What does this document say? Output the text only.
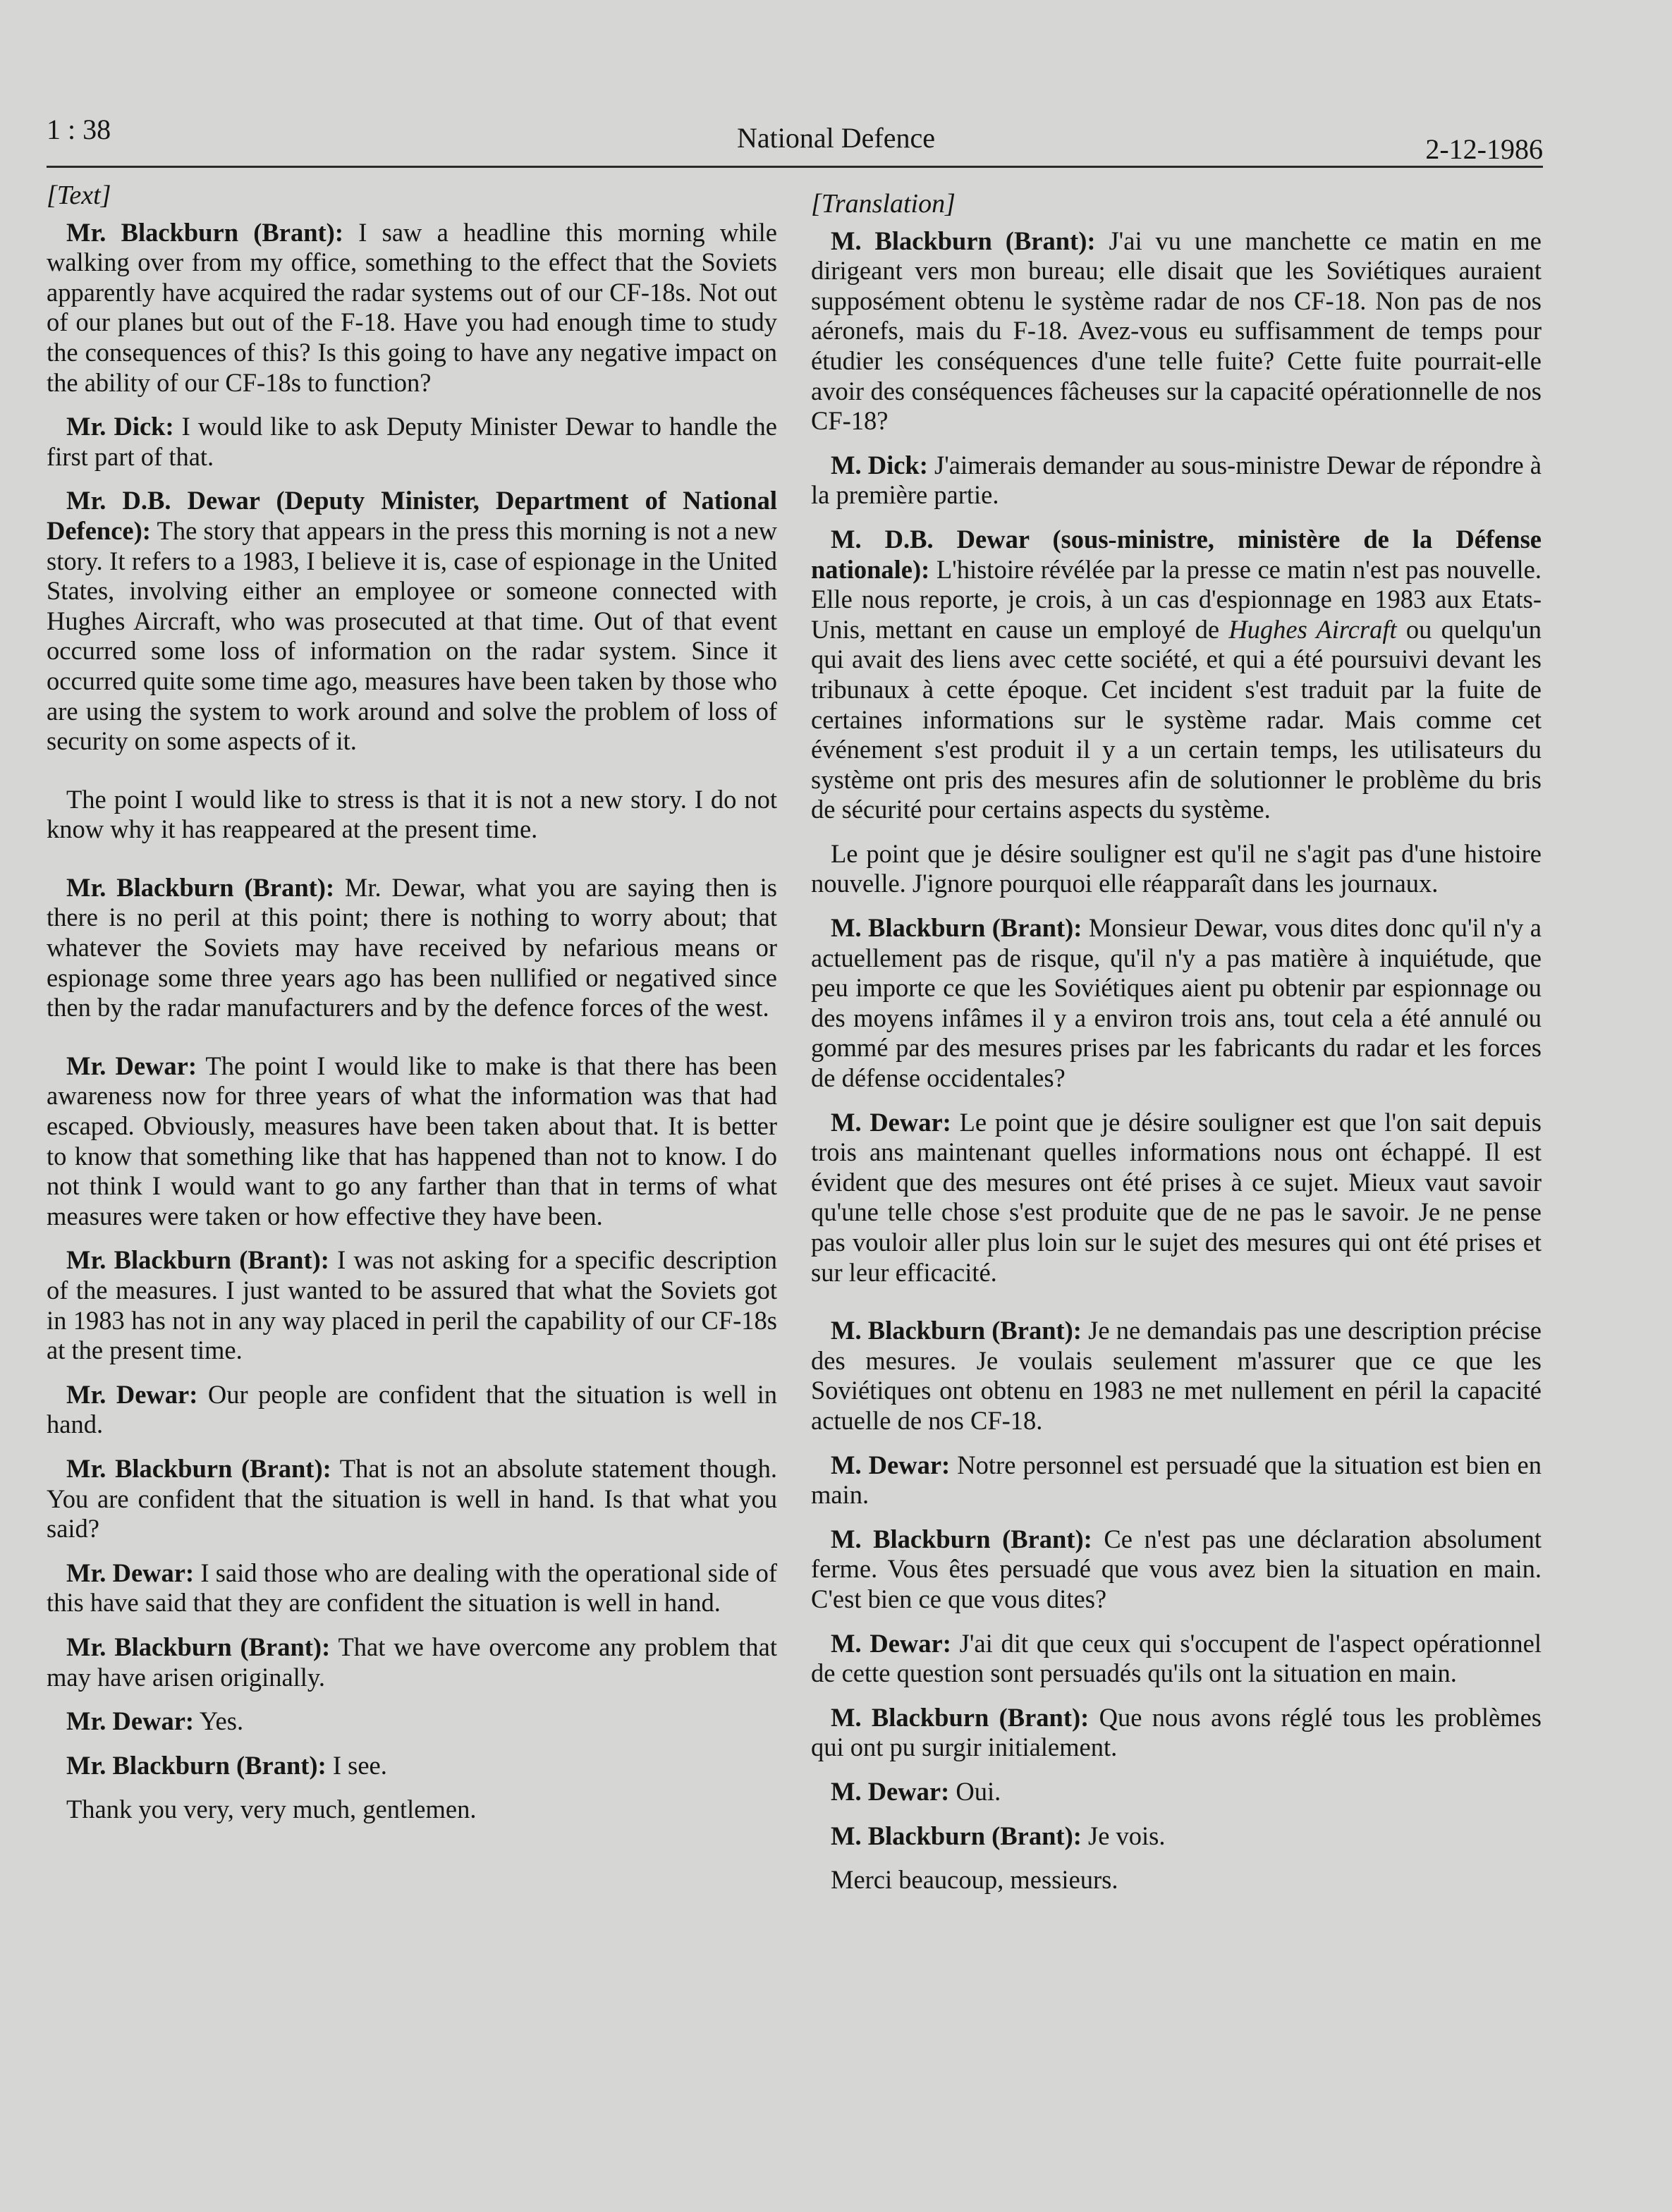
1 : 38	National Defence	2-12-1986

[Text]

Mr. Blackburn (Brant): I saw a headline this morning while walking over from my office, something to the effect that the Soviets apparently have acquired the radar systems out of our CF-18s. Not out of our planes but out of the F-18. Have you had enough time to study the consequences of this? Is this going to have any negative impact on the ability of our CF-18s to function?

Mr. Dick: I would like to ask Deputy Minister Dewar to handle the first part of that.

Mr. D.B. Dewar (Deputy Minister, Department of National Defence): The story that appears in the press this morning is not a new story. It refers to a 1983, I believe it is, case of espionage in the United States, involving either an employee or someone connected with Hughes Aircraft, who was prosecuted at that time. Out of that event occurred some loss of information on the radar system. Since it occurred quite some time ago, measures have been taken by those who are using the system to work around and solve the problem of loss of security on some aspects of it.

The point I would like to stress is that it is not a new story. I do not know why it has reappeared at the present time.

Mr. Blackburn (Brant): Mr. Dewar, what you are saying then is there is no peril at this point; there is nothing to worry about; that whatever the Soviets may have received by nefarious means or espionage some three years ago has been nullified or negatived since then by the radar manufacturers and by the defence forces of the west.

Mr. Dewar: The point I would like to make is that there has been awareness now for three years of what the information was that had escaped. Obviously, measures have been taken about that. It is better to know that something like that has happened than not to know. I do not think I would want to go any farther than that in terms of what measures were taken or how effective they have been.

Mr. Blackburn (Brant): I was not asking for a specific description of the measures. I just wanted to be assured that what the Soviets got in 1983 has not in any way placed in peril the capability of our CF-18s at the present time.

Mr. Dewar: Our people are confident that the situation is well in hand.

Mr. Blackburn (Brant): That is not an absolute statement though. You are confident that the situation is well in hand. Is that what you said?

Mr. Dewar: I said those who are dealing with the operational side of this have said that they are confident the situation is well in hand.

Mr. Blackburn (Brant): That we have overcome any problem that may have arisen originally.

Mr. Dewar: Yes.

Mr. Blackburn (Brant): I see.

Thank you very, very much, gentlemen.

[Translation]

M. Blackburn (Brant): J'ai vu une manchette ce matin en me dirigeant vers mon bureau; elle disait que les Soviétiques auraient supposément obtenu le système radar de nos CF-18. Non pas de nos aéronefs, mais du F-18. Avez-vous eu suffisamment de temps pour étudier les conséquences d'une telle fuite? Cette fuite pourrait-elle avoir des conséquences fâcheuses sur la capacité opérationnelle de nos CF-18?

M. Dick: J'aimerais demander au sous-ministre Dewar de répondre à la première partie.

M. D.B. Dewar (sous-ministre, ministère de la Défense nationale): L'histoire révélée par la presse ce matin n'est pas nouvelle. Elle nous reporte, je crois, à un cas d'espionnage en 1983 aux Etats-Unis, mettant en cause un employé de Hughes Aircraft ou quelqu'un qui avait des liens avec cette société, et qui a été poursuivi devant les tribunaux à cette époque. Cet incident s'est traduit par la fuite de certaines informations sur le système radar. Mais comme cet événement s'est produit il y a un certain temps, les utilisateurs du système ont pris des mesures afin de solutionner le problème du bris de sécurité pour certains aspects du système.

Le point que je désire souligner est qu'il ne s'agit pas d'une histoire nouvelle. J'ignore pourquoi elle réapparaît dans les journaux.

M. Blackburn (Brant): Monsieur Dewar, vous dites donc qu'il n'y a actuellement pas de risque, qu'il n'y a pas matière à inquiétude, que peu importe ce que les Soviétiques aient pu obtenir par espionnage ou des moyens infâmes il y a environ trois ans, tout cela a été annulé ou gommé par des mesures prises par les fabricants du radar et les forces de défense occidentales?

M. Dewar: Le point que je désire souligner est que l'on sait depuis trois ans maintenant quelles informations nous ont échappé. Il est évident que des mesures ont été prises à ce sujet. Mieux vaut savoir qu'une telle chose s'est produite que de ne pas le savoir. Je ne pense pas vouloir aller plus loin sur le sujet des mesures qui ont été prises et sur leur efficacité.

M. Blackburn (Brant): Je ne demandais pas une description précise des mesures. Je voulais seulement m'assurer que ce que les Soviétiques ont obtenu en 1983 ne met nullement en péril la capacité actuelle de nos CF-18.

M. Dewar: Notre personnel est persuadé que la situation est bien en main.

M. Blackburn (Brant): Ce n'est pas une déclaration absolument ferme. Vous êtes persuadé que vous avez bien la situation en main. C'est bien ce que vous dites?

M. Dewar: J'ai dit que ceux qui s'occupent de l'aspect opérationnel de cette question sont persuadés qu'ils ont la situation en main.

M. Blackburn (Brant): Que nous avons réglé tous les problèmes qui ont pu surgir initialement.

M. Dewar: Oui.

M. Blackburn (Brant): Je vois.

Merci beaucoup, messieurs.
